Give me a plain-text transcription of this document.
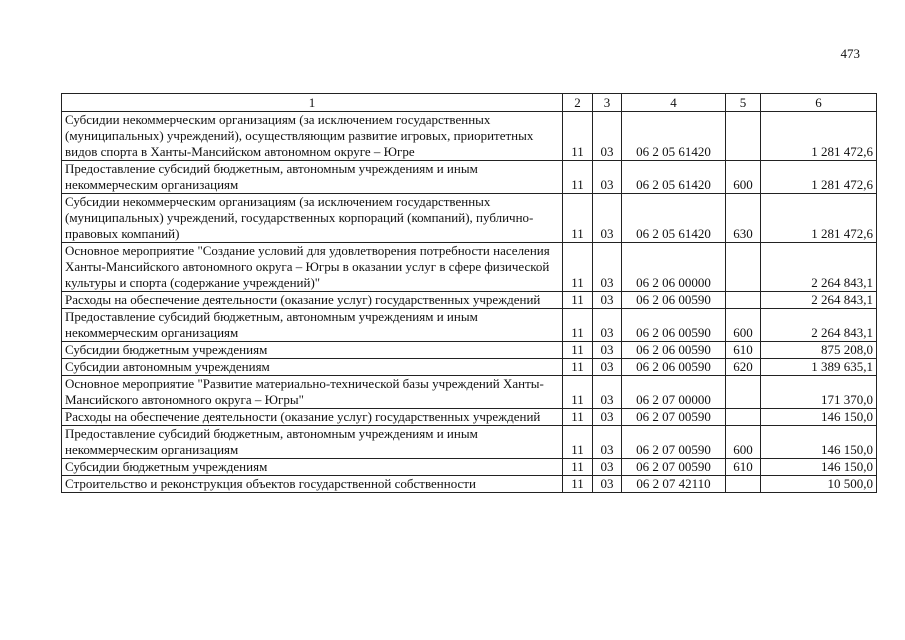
473
1	2	3	4	5	6
Субсидии некоммерческим организациям (за исключением государственных (муниципальных) учреждений), осуществляющим развитие игровых, приоритетных видов спорта в Ханты-Мансийском автономном округе – Югре	11	03	06 2 05 61420		1 281 472,6
Предоставление субсидий бюджетным, автономным учреждениям и иным некоммерческим организациям	11	03	06 2 05 61420	600	1 281 472,6
Субсидии некоммерческим организациям (за исключением государственных (муниципальных) учреждений, государственных корпораций (компаний), публично-правовых компаний)	11	03	06 2 05 61420	630	1 281 472,6
Основное мероприятие "Создание условий для удовлетворения потребности населения Ханты-Мансийского автономного округа – Югры в оказании услуг в сфере физической культуры и спорта (содержание учреждений)"	11	03	06 2 06 00000		2 264 843,1
Расходы на обеспечение деятельности (оказание услуг) государственных учреждений	11	03	06 2 06 00590		2 264 843,1
Предоставление субсидий бюджетным, автономным учреждениям и иным некоммерческим организациям	11	03	06 2 06 00590	600	2 264 843,1
Субсидии бюджетным учреждениям	11	03	06 2 06 00590	610	875 208,0
Субсидии автономным учреждениям	11	03	06 2 06 00590	620	1 389 635,1
Основное мероприятие "Развитие материально-технической базы учреждений Ханты-Мансийского автономного округа – Югры"	11	03	06 2 07 00000		171 370,0
Расходы на обеспечение деятельности (оказание услуг) государственных учреждений	11	03	06 2 07 00590		146 150,0
Предоставление субсидий бюджетным, автономным учреждениям и иным некоммерческим организациям	11	03	06 2 07 00590	600	146 150,0
Субсидии бюджетным учреждениям	11	03	06 2 07 00590	610	146 150,0
Строительство и реконструкция объектов государственной собственности	11	03	06 2 07 42110		10 500,0
